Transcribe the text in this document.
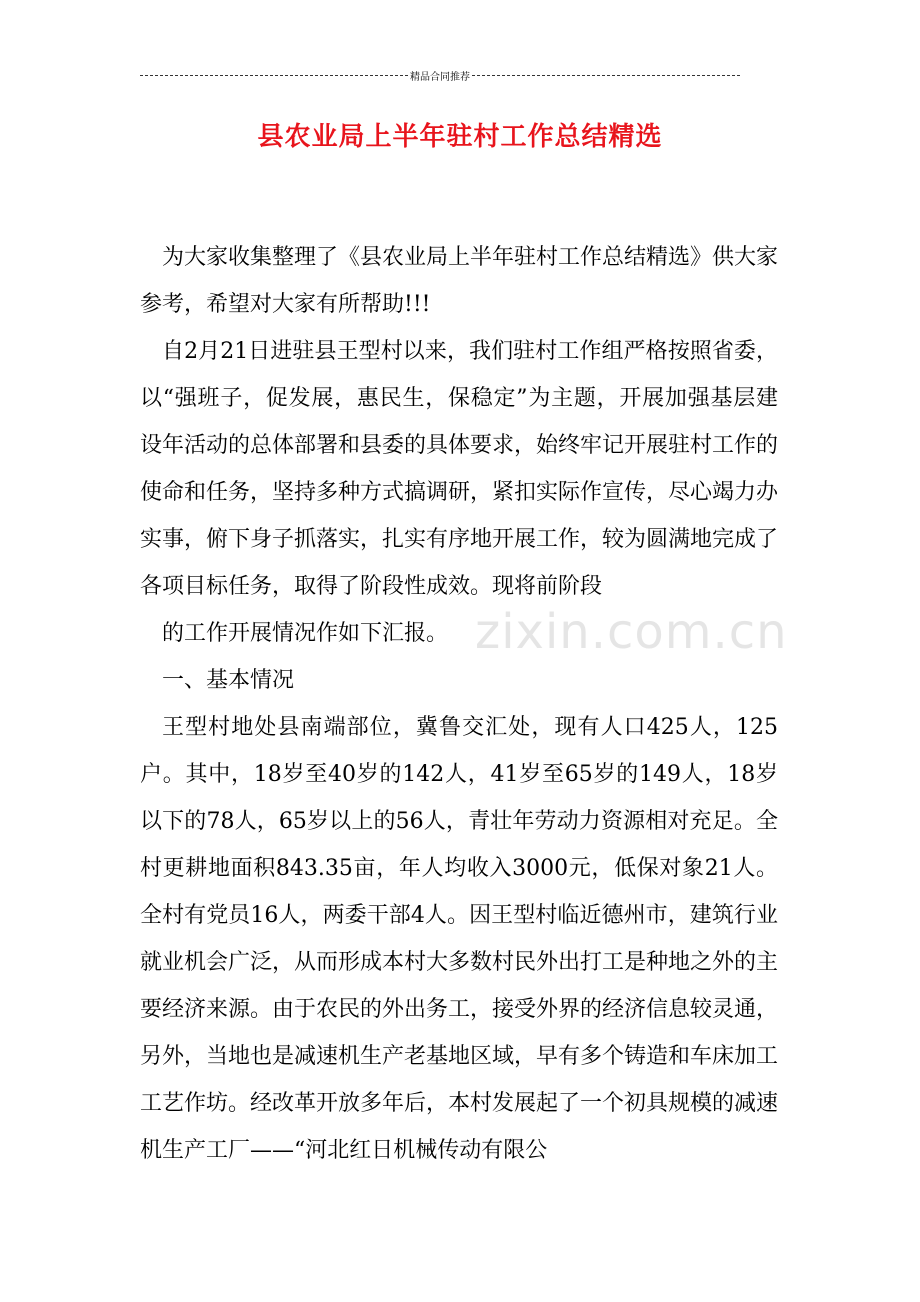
精品合同推荐
县农业局上半年驻村工作总结精选

为大家收集整理了《县农业局上半年驻村工作总结精选》供大家参考，希望对大家有所帮助!!!

自2月21日进驻县王型村以来，我们驻村工作组严格按照省委，以“强班子，促发展，惠民生，保稳定”为主题，开展加强基层建设年活动的总体部署和县委的具体要求，始终牢记开展驻村工作的使命和任务，坚持多种方式搞调研，紧扣实际作宣传，尽心竭力办实事，俯下身子抓落实，扎实有序地开展工作，较为圆满地完成了各项目标任务，取得了阶段性成效。现将前阶段

的工作开展情况作如下汇报。

一、基本情况

王型村地处县南端部位，冀鲁交汇处，现有人口425人，125户。其中，18岁至40岁的142人，41岁至65岁的149人，18岁以下的78人，65岁以上的56人，青壮年劳动力资源相对充足。全村更耕地面积843.35亩，年人均收入3000元，低保对象21人。全村有党员16人，两委干部4人。因王型村临近德州市，建筑行业就业机会广泛，从而形成本村大多数村民外出打工是种地之外的主要经济来源。由于农民的外出务工，接受外界的经济信息较灵通，另外，当地也是减速机生产老基地区域，早有多个铸造和车床加工工艺作坊。经改革开放多年后，本村发展起了一个初具规模的减速机生产工厂——“河北红日机械传动有限公

zixin.com.cn
